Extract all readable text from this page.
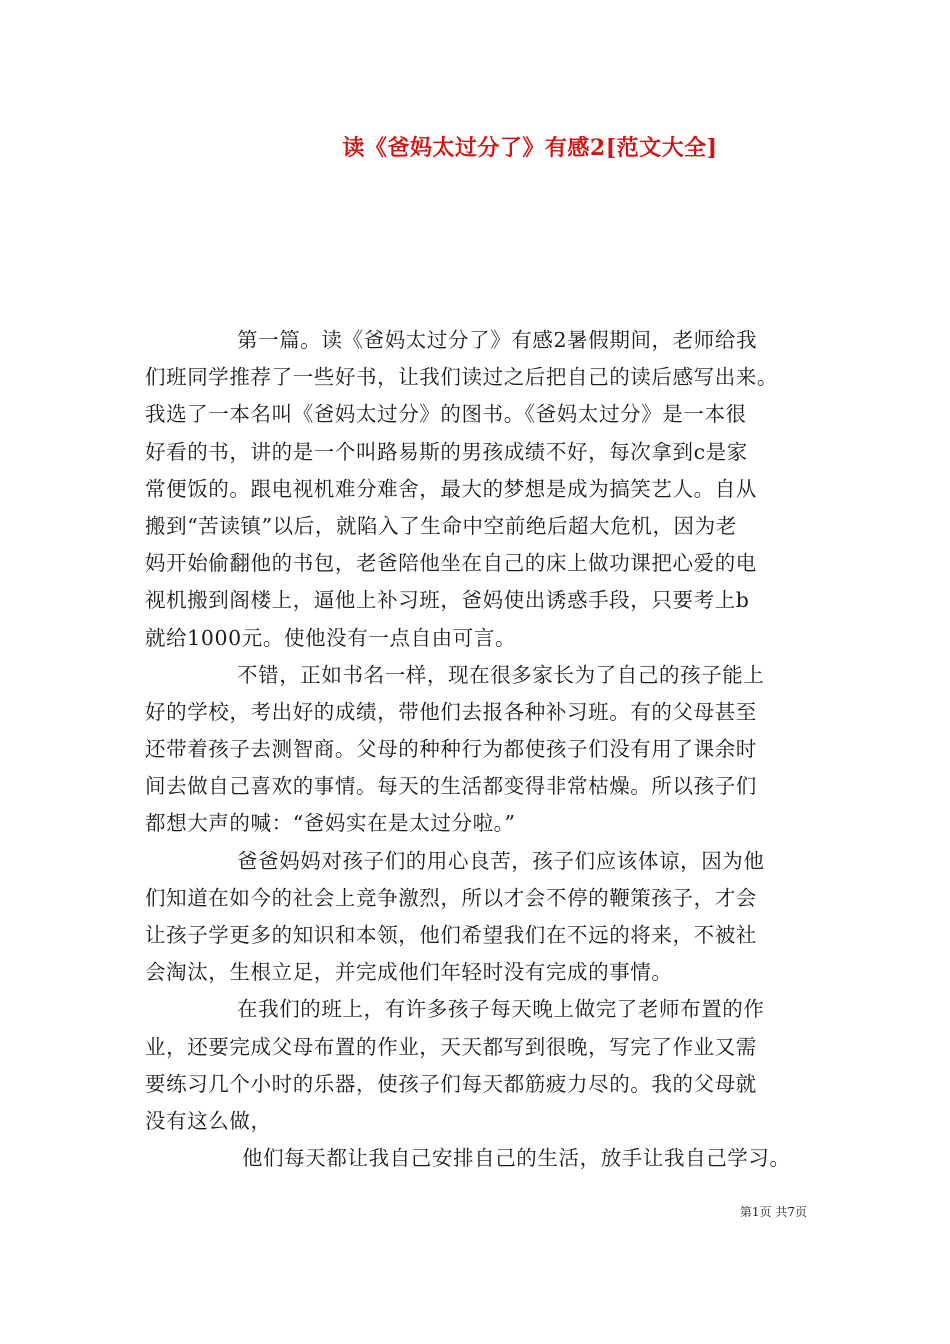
读《爸妈太过分了》有感2[范文大全]
第一篇。读《爸妈太过分了》有感2暑假期间，老师给我
们班同学推荐了一些好书，让我们读过之后把自己的读后感写出来。
我选了一本名叫《爸妈太过分》的图书。《爸妈太过分》是一本很
好看的书，讲的是一个叫路易斯的男孩成绩不好，每次拿到c是家
常便饭的。跟电视机难分难舍，最大的梦想是成为搞笑艺人。自从
搬到“苦读镇”以后，就陷入了生命中空前绝后超大危机，因为老
妈开始偷翻他的书包，老爸陪他坐在自己的床上做功课把心爱的电
视机搬到阁楼上，逼他上补习班，爸妈使出诱惑手段，只要考上b
就给1000元。使他没有一点自由可言。
不错，正如书名一样，现在很多家长为了自己的孩子能上
好的学校，考出好的成绩，带他们去报各种补习班。有的父母甚至
还带着孩子去测智商。父母的种种行为都使孩子们没有用了课余时
间去做自己喜欢的事情。每天的生活都变得非常枯燥。所以孩子们
都想大声的喊：“爸妈实在是太过分啦。”
爸爸妈妈对孩子们的用心良苦，孩子们应该体谅，因为他
们知道在如今的社会上竞争激烈，所以才会不停的鞭策孩子，才会
让孩子学更多的知识和本领，他们希望我们在不远的将来，不被社
会淘汰，生根立足，并完成他们年轻时没有完成的事情。
在我们的班上，有许多孩子每天晚上做完了老师布置的作
业，还要完成父母布置的作业，天天都写到很晚，写完了作业又需
要练习几个小时的乐器，使孩子们每天都筋疲力尽的。我的父母就
没有这么做，
他们每天都让我自己安排自己的生活，放手让我自己学习。
第1页 共7页
